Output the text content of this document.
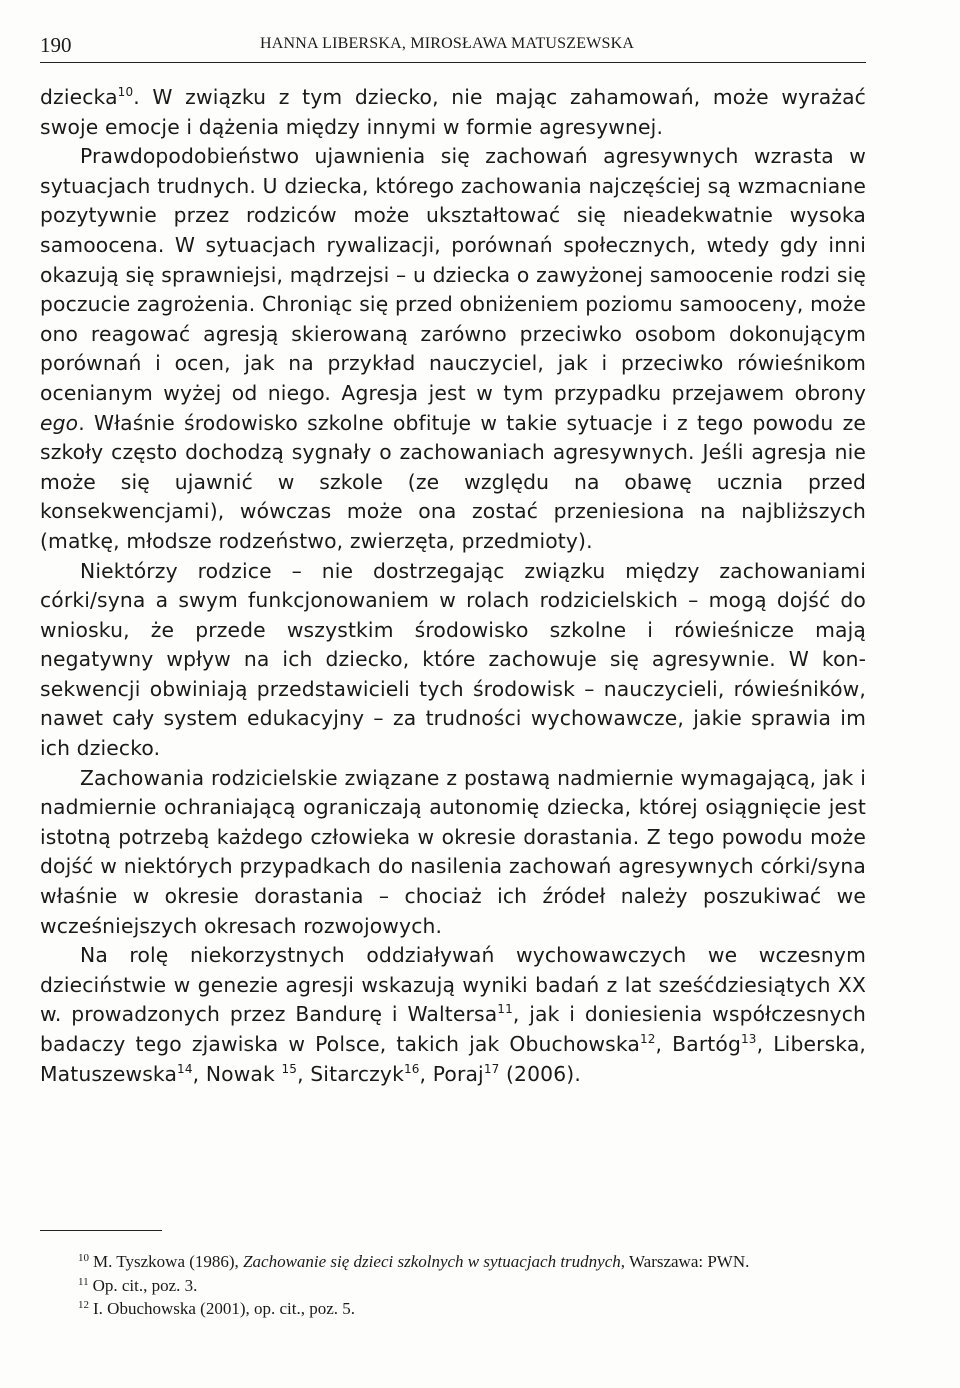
190	HANNA LIBERSKA, MIROSŁAWA MATUSZEWSKA

dziecka$^{10}$. W związku z tym dziecko, nie mając zahamowań, może wyrażać swoje emocje i dążenia między innymi w formie agresywnej.

Prawdopodobieństwo ujawnienia się zachowań agresywnych wzrasta w sytuacjach trudnych. U dziecka, którego zachowania najczęściej są wzmacniane pozytywnie przez rodziców może ukształtować się nieadekwatnie wysoka samoocena. W sytuacjach rywalizacji, porównań społecznych, wtedy gdy inni okazują się sprawniejsi, mądrzejsi – u dziecka o zawyżonej samoocenie rodzi się poczucie zagrożenia. Chroniąc się przed obniżeniem poziomu samooceny, może ono reagować agresją skierowaną zarówno przeciwko osobom dokonującym porównań i ocen, jak na przykład nauczyciel, jak i przeciwko rówieśnikom ocenianym wyżej od niego. Agresja jest w tym przypadku przejawem obrony ego. Właśnie środowisko szkolne obfituje w takie sytuacje i z tego powodu ze szkoły często dochodzą sygnały o zachowaniach agresywnych. Jeśli agresja nie może się ujawnić w szkole (ze względu na obawę ucznia przed konsekwencjami), wówczas może ona zostać przeniesiona na najbliższych (matkę, młodsze rodzeństwo, zwierzęta, przedmioty).

Niektórzy rodzice – nie dostrzegając związku między zachowaniami córki/syna a swym funkcjonowaniem w rolach rodzicielskich – mogą dojść do wniosku, że przede wszystkim środowisko szkolne i rówieśnicze mają negatywny wpływ na ich dziecko, które zachowuje się agresywnie. W konsekwencji obwiniają przedstawicieli tych środowisk – nauczycieli, rówieśników, nawet cały system edukacyjny – za trudności wychowawcze, jakie sprawia im ich dziecko.

Zachowania rodzicielskie związane z postawą nadmiernie wymagającą, jak i nadmiernie ochraniającą ograniczają autonomię dziecka, której osiągnięcie jest istotną potrzebą każdego człowieka w okresie dorastania. Z tego powodu może dojść w niektórych przypadkach do nasilenia zachowań agresywnych córki/syna właśnie w okresie dorastania – chociaż ich źródeł należy poszukiwać we wcześniejszych okresach rozwojowych.

Na rolę niekorzystnych oddziaływań wychowawczych we wczesnym dzieciństwie w genezie agresji wskazują wyniki badań z lat sześćdziesiątych XX w. prowadzonych przez Bandurę i Waltersa$^{11}$, jak i doniesienia współczesnych badaczy tego zjawiska w Polsce, takich jak Obuchowska$^{12}$, Bartóg$^{13}$, Liberska, Matuszewska$^{14}$, Nowak $^{15}$, Sitarczyk$^{16}$, Poraj$^{17}$ (2006).

$^{10}$ M. Tyszkowa (1986), Zachowanie się dzieci szkolnych w sytuacjach trudnych, Warszawa: PWN.

$^{11}$ Op. cit., poz. 3.

$^{12}$ I. Obuchowska (2001), op. cit., poz. 5.
